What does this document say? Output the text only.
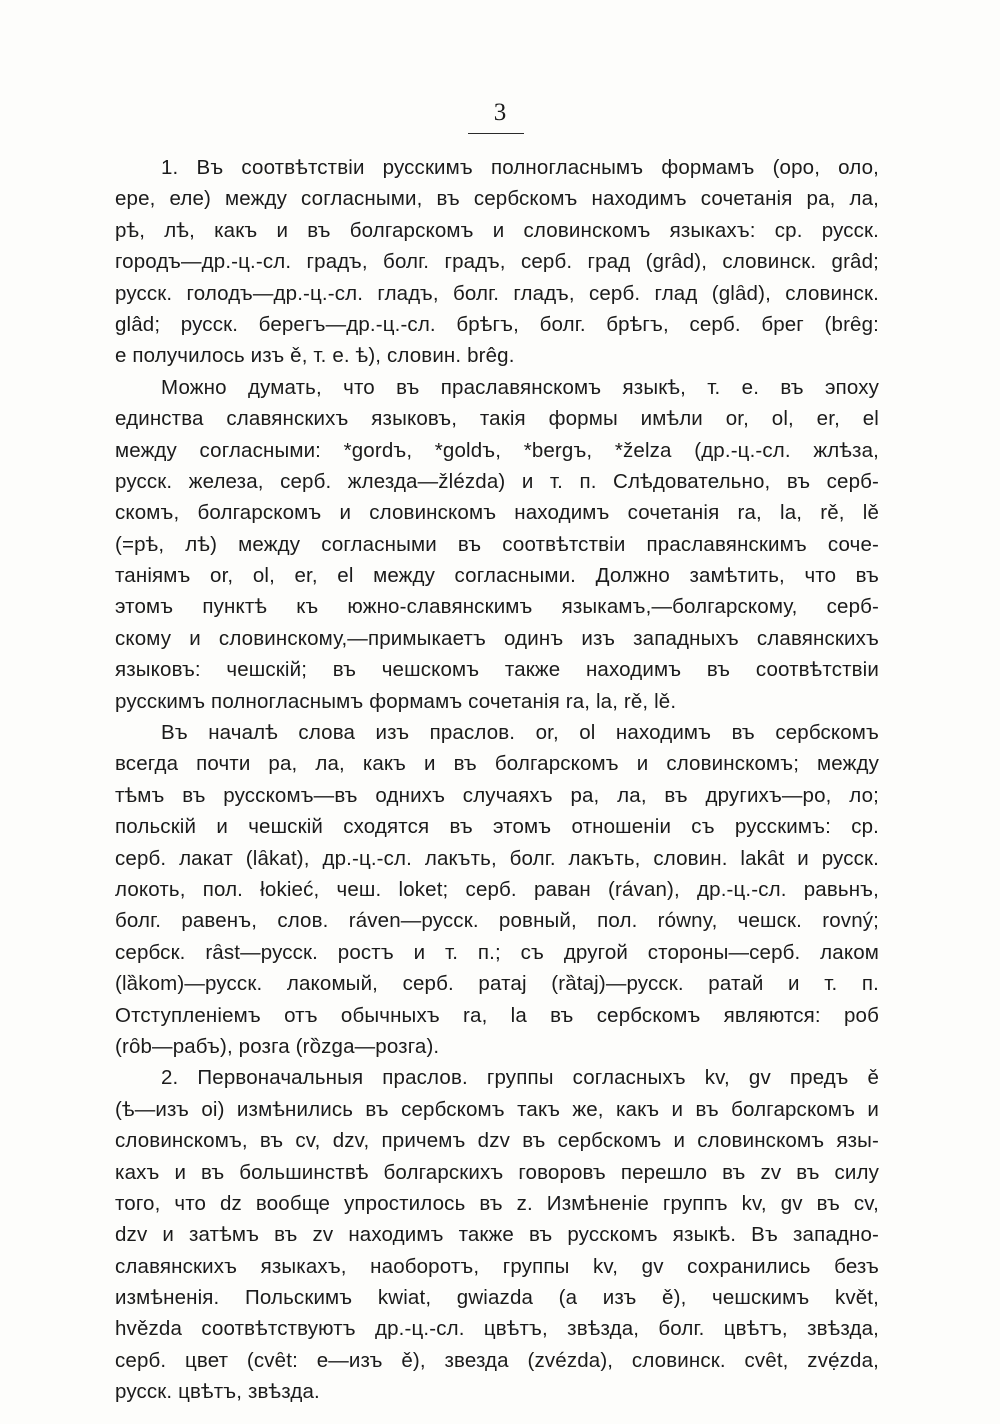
3
1. Въ соотвѣтствіи русскимъ полногласнымъ формамъ (оро, оло,
ере, еле) между согласными, въ сербскомъ находимъ сочетанія ра, ла,
рѣ, лѣ, какъ и въ болгарскомъ и словинскомъ языкахъ: ср. русск.
городъ—др.-ц.-сл. градъ, болг. градъ, серб. град (grȃd), словинск. grâd;
русск. голодъ—др.-ц.-сл. гладъ, болг. гладъ, серб. глад (glȃd), словинск.
glâd; русск. берегъ—др.-ц.-сл. брѣгъ, болг. брѣгъ, серб. брег (brȇg:
е получилось изъ ě, т. е. ѣ), словин. brêg.
Можно думать, что въ праславянскомъ языкѣ, т. е. въ эпоху
единства славянскихъ языковъ, такія формы имѣли or, ol, er, el
между согласными: *gordъ, *goldъ, *bergъ, *želza (др.-ц.-сл. жлѣза,
русск. железа, серб. жлезда—žlézda) и т. п. Слѣдовательно, въ серб-
скомъ, болгарскомъ и словинскомъ находимъ сочетанія ra, la, rě, lě
(=рѣ, лѣ) между согласными въ соотвѣтствіи праславянскимъ соче-
таніямъ or, ol, er, el между согласными. Должно замѣтить, что въ
этомъ пунктѣ къ южно-славянскимъ языкамъ,—болгарскому, серб-
скому и словинскому,—примыкаетъ одинъ изъ западныхъ славянскихъ
языковъ: чешскій; въ чешскомъ также находимъ въ соотвѣтствіи
русскимъ полногласнымъ формамъ сочетанія ra, la, rě, lě.
Въ началѣ слова изъ праслов. or, ol находимъ въ сербскомъ
всегда почти ра, ла, какъ и въ болгарскомъ и словинскомъ; между
тѣмъ въ русскомъ—въ однихъ случаяхъ ра, ла, въ другихъ—ро, ло;
польскій и чешскій сходятся въ этомъ отношеніи съ русскимъ: ср.
серб. лакат (lȃkat), др.-ц.-сл. лакъть, болг. лакъть, словин. lakȃt и русск.
локоть, пол. łokieć, чеш. loket; серб. раван (rávan), др.-ц.-сл. равьнъ,
болг. равенъ, слов. ráven—русск. ровный, пол. równy, чешск. rovný;
сербск. rȃst—русск. ростъ и т. п.; съ другой стороны—серб. лаком
(lȁkom)—русск. лакомый, серб. ратаj (rȁtaj)—русск. ратай и т. п.
Отступленіемъ отъ обычныхъ ra, la въ сербскомъ являются: роб
(rȏb—рабъ), розга (rȍzga—розга).
2. Первоначальныя праслов. группы согласныхъ kv, gv предъ ě
(ѣ—изъ oi) измѣнились въ сербскомъ такъ же, какъ и въ болгарскомъ и
словинскомъ, въ cv, dzv, причемъ dzv въ сербскомъ и словинскомъ язы-
кахъ и въ большинствѣ болгарскихъ говоровъ перешло въ zv въ силу
того, что dz вообще упростилось въ z. Измѣненіе группъ kv, gv въ cv,
dzv и затѣмъ въ zv находимъ также въ русскомъ языкѣ. Въ западно-
славянскихъ языкахъ, наоборотъ, группы kv, gv сохранились безъ
измѣненія. Польскимъ kwiat, gwiazda (а изъ ě), чешскимъ květ,
hvězda соотвѣтствуютъ др.-ц.-сл. цвѣтъ, звѣзда, болг. цвѣтъ, звѣзда,
серб. цвет (cvȇt: е—изъ ě), звезда (zvézda), словинск. cvȇt, zvẹ́zda,
русск. цвѣтъ, звѣзда.
